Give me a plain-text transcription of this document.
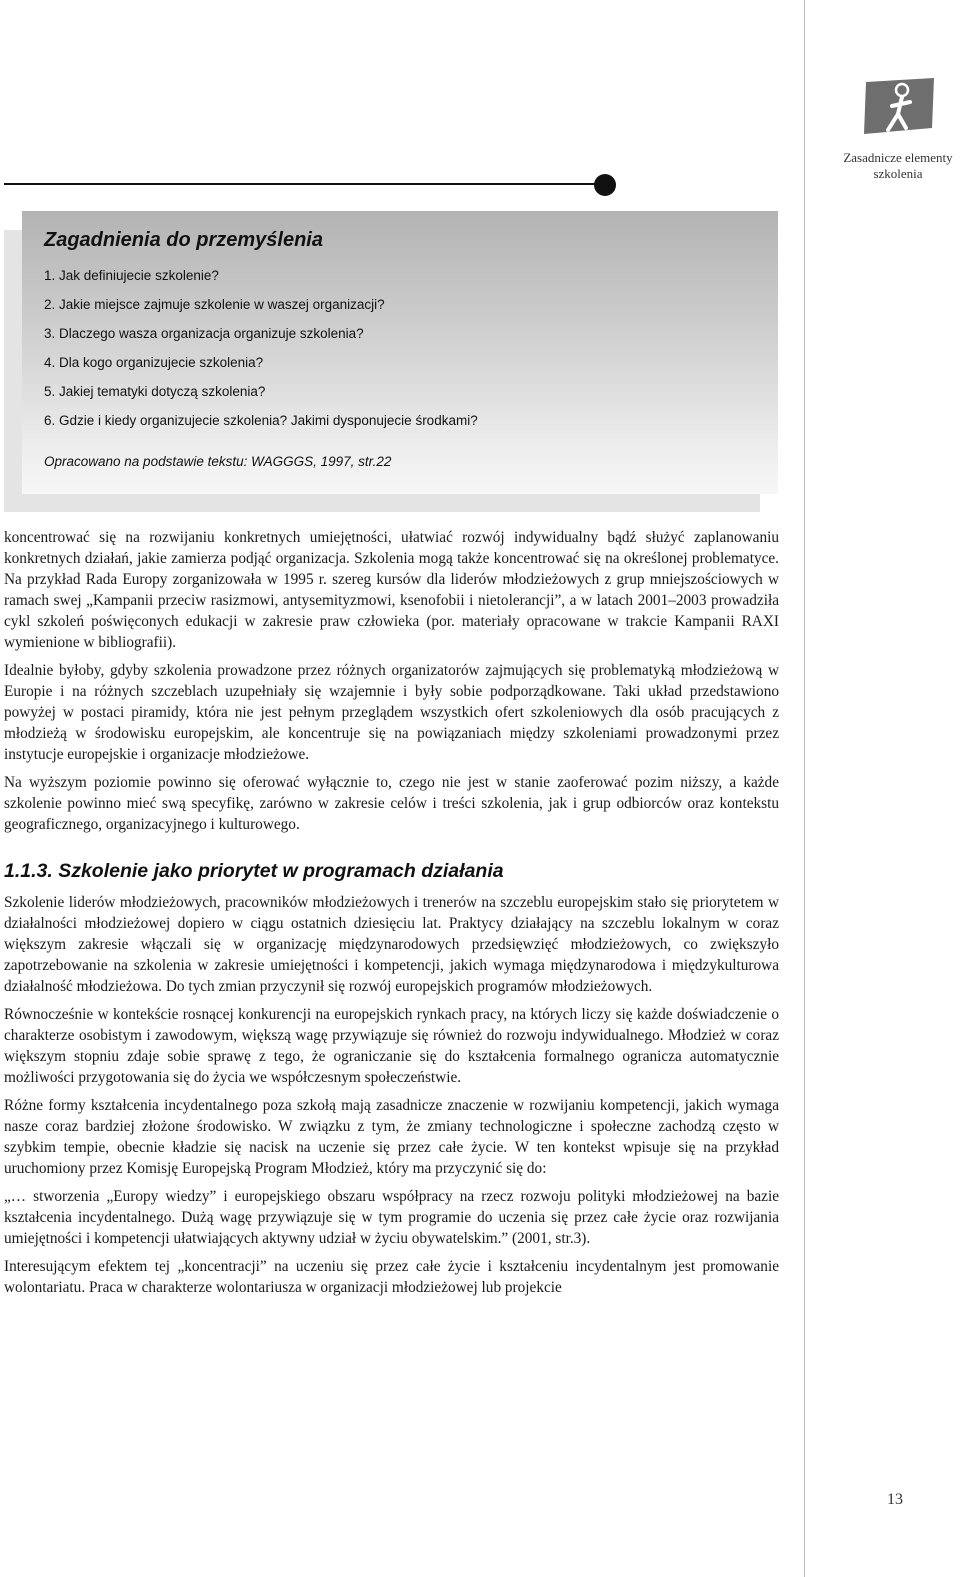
Zasadnicze elementy szkolenia
Zagadnienia do przemyślenia
1. Jak definiujecie szkolenie?
2. Jakie miejsce zajmuje szkolenie w waszej organizacji?
3. Dlaczego wasza organizacja organizuje szkolenia?
4. Dla kogo organizujecie szkolenia?
5. Jakiej tematyki dotyczą szkolenia?
6. Gdzie i kiedy organizujecie szkolenia? Jakimi dysponujecie środkami?
Opracowano na podstawie tekstu: WAGGGS, 1997, str.22

koncentrować się na rozwijaniu konkretnych umiejętności, ułatwiać rozwój indywidualny bądź służyć zaplanowaniu konkretnych działań, jakie zamierza podjąć organizacja. Szkolenia mogą także koncentrować się na określonej problematyce. Na przykład Rada Europy zorganizowała w 1995 r. szereg kursów dla liderów młodzieżowych z grup mniejszościowych w ramach swej „Kampanii przeciw rasizmowi, antysemityzmowi, ksenofobii i nietolerancji”, a w latach 2001–2003 prowadziła cykl szkoleń poświęconych edukacji w zakresie praw człowieka (por. materiały opracowane w trakcie Kampanii RAXI wymienione w bibliografii).

Idealnie byłoby, gdyby szkolenia prowadzone przez różnych organizatorów zajmujących się problematyką młodzieżową w Europie i na różnych szczeblach uzupełniały się wzajemnie i były sobie podporządkowane. Taki układ przedstawiono powyżej w postaci piramidy, która nie jest pełnym przeglądem wszystkich ofert szkoleniowych dla osób pracujących z młodzieżą w środowisku europejskim, ale koncentruje się na powiązaniach między szkoleniami prowadzonymi przez instytucje europejskie i organizacje młodzieżowe.

Na wyższym poziomie powinno się oferować wyłącznie to, czego nie jest w stanie zaoferować pozim niższy, a każde szkolenie powinno mieć swą specyfikę, zarówno w zakresie celów i treści szkolenia, jak i grup odbiorców oraz kontekstu geograficznego, organizacyjnego i kulturowego.

1.1.3. Szkolenie jako priorytet w programach działania

Szkolenie liderów młodzieżowych, pracowników młodzieżowych i trenerów na szczeblu europejskim stało się priorytetem w działalności młodzieżowej dopiero w ciągu ostatnich dziesięciu lat. Praktycy działający na szczeblu lokalnym w coraz większym zakresie włączali się w organizację międzynarodowych przedsięwzięć młodzieżowych, co zwiększyło zapotrzebowanie na szkolenia w zakresie umiejętności i kompetencji, jakich wymaga międzynarodowa i międzykulturowa działalność młodzieżowa. Do tych zmian przyczynił się rozwój europejskich programów młodzieżowych.

Równocześnie w kontekście rosnącej konkurencji na europejskich rynkach pracy, na których liczy się każde doświadczenie o charakterze osobistym i zawodowym, większą wagę przywiązuje się również do rozwoju indywidualnego. Młodzież w coraz większym stopniu zdaje sobie sprawę z tego, że ograniczanie się do kształcenia formalnego ogranicza automatycznie możliwości przygotowania się do życia we współczesnym społeczeństwie.

Różne formy kształcenia incydentalnego poza szkołą mają zasadnicze znaczenie w rozwijaniu kompetencji, jakich wymaga nasze coraz bardziej złożone środowisko. W związku z tym, że zmiany technologiczne i społeczne zachodzą często w szybkim tempie, obecnie kładzie się nacisk na uczenie się przez całe życie. W ten kontekst wpisuje się na przykład uruchomiony przez Komisję Europejską Program Młodzież, który ma przyczynić się do:

„… stworzenia „Europy wiedzy” i europejskiego obszaru współpracy na rzecz rozwoju polityki młodzieżowej na bazie kształcenia incydentalnego. Dużą wagę przywiązuje się w tym programie do uczenia się przez całe życie oraz rozwijania umiejętności i kompetencji ułatwiających aktywny udział w życiu obywatelskim.” (2001, str.3).

Interesującym efektem tej „koncentracji” na uczeniu się przez całe życie i kształceniu incydentalnym jest promowanie wolontariatu. Praca w charakterze wolontariusza w organizacji młodzieżowej lub projekcie

13
